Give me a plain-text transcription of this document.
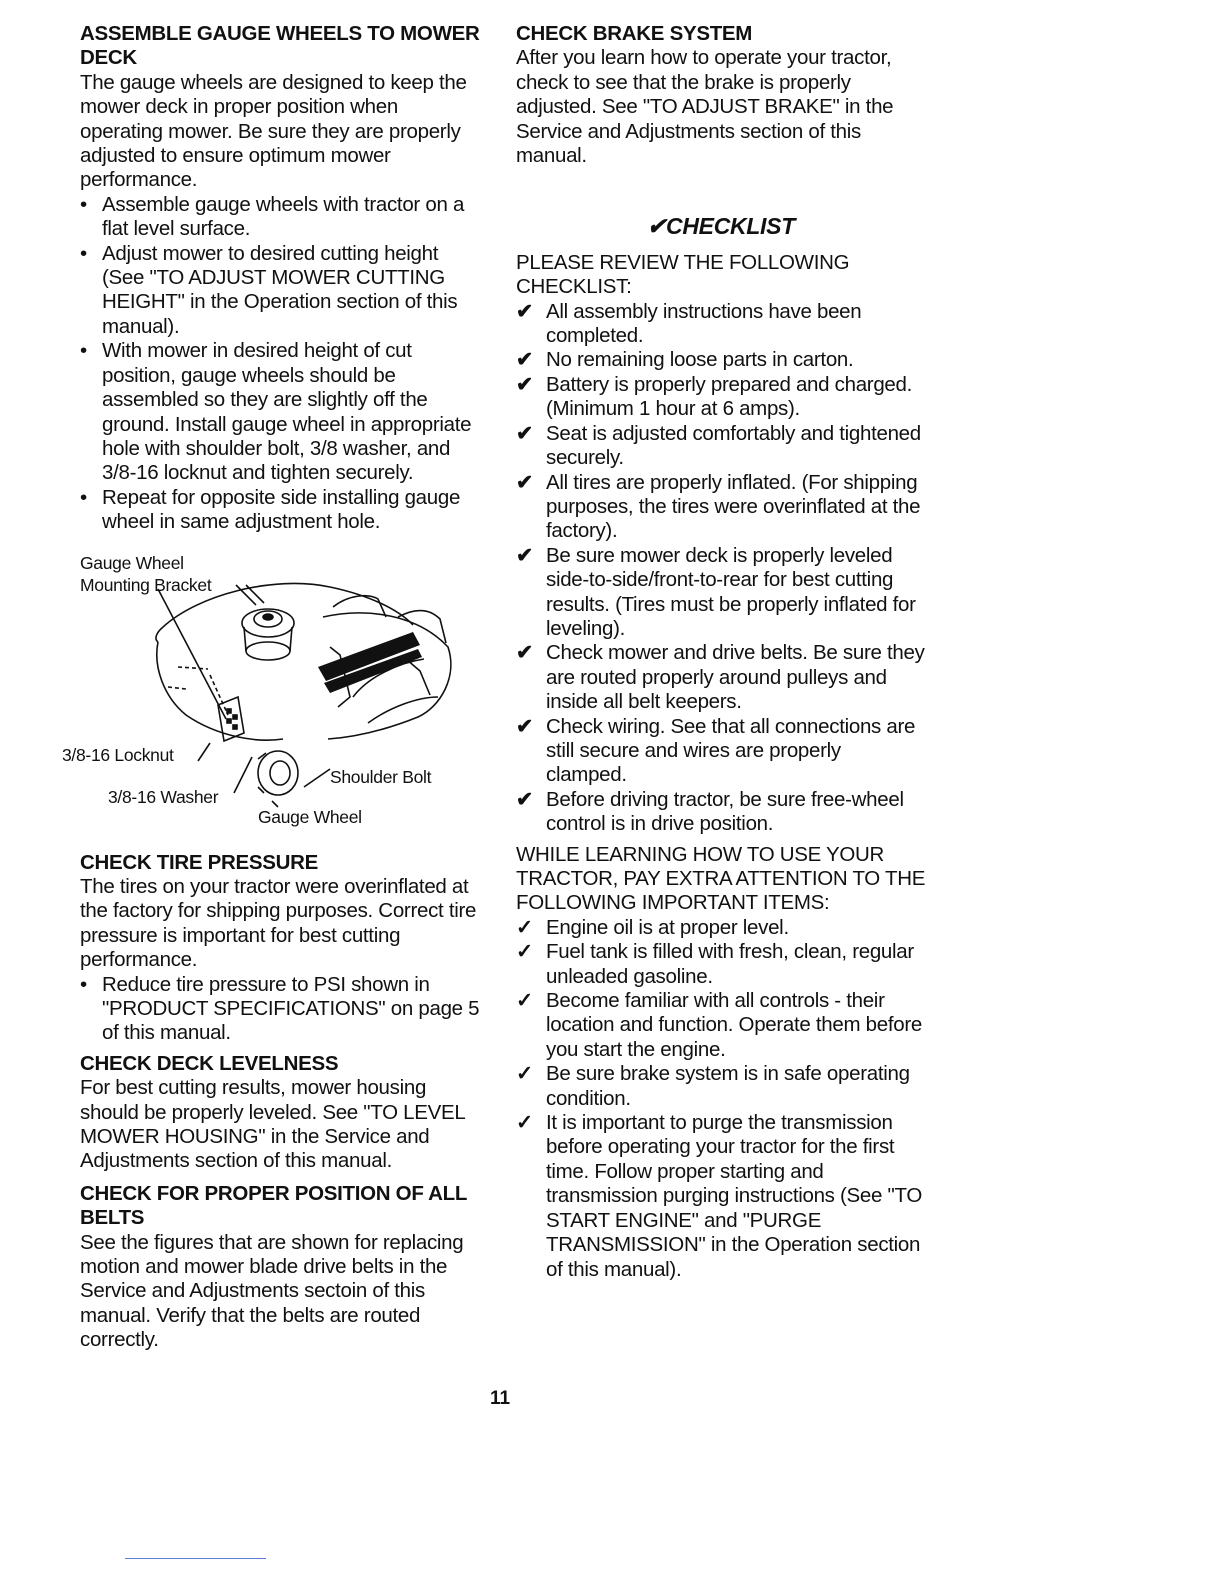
ASSEMBLE GAUGE WHEELS TO MOWER DECK

The gauge wheels are designed to keep the mower deck in proper position when operating mower. Be sure they are properly adjusted to ensure optimum mower performance.

• Assemble gauge wheels with tractor on a flat level surface.
• Adjust mower to desired cutting height (See "TO ADJUST MOWER CUTTING HEIGHT" in the Operation section of this manual).
• With mower in desired height of cut position, gauge wheels should be assembled so they are slightly off the ground. Install gauge wheel in appropriate hole with shoulder bolt, 3/8 washer, and 3/8-16 locknut and tighten securely.
• Repeat for opposite side installing gauge wheel in same adjustment hole.
Gauge Wheel
Mounting Bracket
3/8-16 Locknut
3/8-16 Washer
Shoulder Bolt
Gauge Wheel
CHECK TIRE PRESSURE

The tires on your tractor were overinflated at the factory for shipping purposes. Correct tire pressure is important for best cutting performance.

• Reduce tire pressure to PSI shown in "PRODUCT SPECIFICATIONS" on page 5 of this manual.
CHECK DECK LEVELNESS

For best cutting results, mower housing should be properly leveled. See "TO LEVEL MOWER HOUSING" in the Service and Adjustments section of this manual.

CHECK FOR PROPER POSITION OF ALL BELTS

See the figures that are shown for replacing motion and mower blade drive belts in the Service and Adjustments sectoin of this manual. Verify that the belts are routed correctly.

CHECK BRAKE SYSTEM

After you learn how to operate your tractor, check to see that the brake is properly adjusted. See "TO ADJUST BRAKE" in the Service and Adjustments section of this manual.

✔CHECKLIST

PLEASE REVIEW THE FOLLOWING CHECKLIST:

✔ All assembly instructions have been completed.
✔ No remaining loose parts in carton.
✔ Battery is properly prepared and charged. (Minimum 1 hour at 6 amps).
✔ Seat is adjusted comfortably and tightened securely.
✔ All tires are properly inflated. (For shipping purposes, the tires were overinflated at the factory).
✔ Be sure mower deck is properly leveled side-to-side/front-to-rear for best cutting results. (Tires must be properly inflated for leveling).
✔ Check mower and drive belts. Be sure they are routed properly around pulleys and inside all belt keepers.
✔ Check wiring. See that all connections are still secure and wires are properly clamped.
✔ Before driving tractor, be sure free-wheel control is in drive position.

WHILE LEARNING HOW TO USE YOUR TRACTOR, PAY EXTRA ATTENTION TO THE FOLLOWING IMPORTANT ITEMS:

✓ Engine oil is at proper level.
✓ Fuel tank is filled with fresh, clean, regular unleaded gasoline.
✓ Become familiar with all controls - their location and function. Operate them before you start the engine.
✓ Be sure brake system is in safe operating condition.
✓ It is important to purge the transmission before operating your tractor for the first time. Follow proper starting and transmission purging instructions (See "TO START ENGINE" and "PURGE TRANSMISSION" in the Operation section of this manual).
11
